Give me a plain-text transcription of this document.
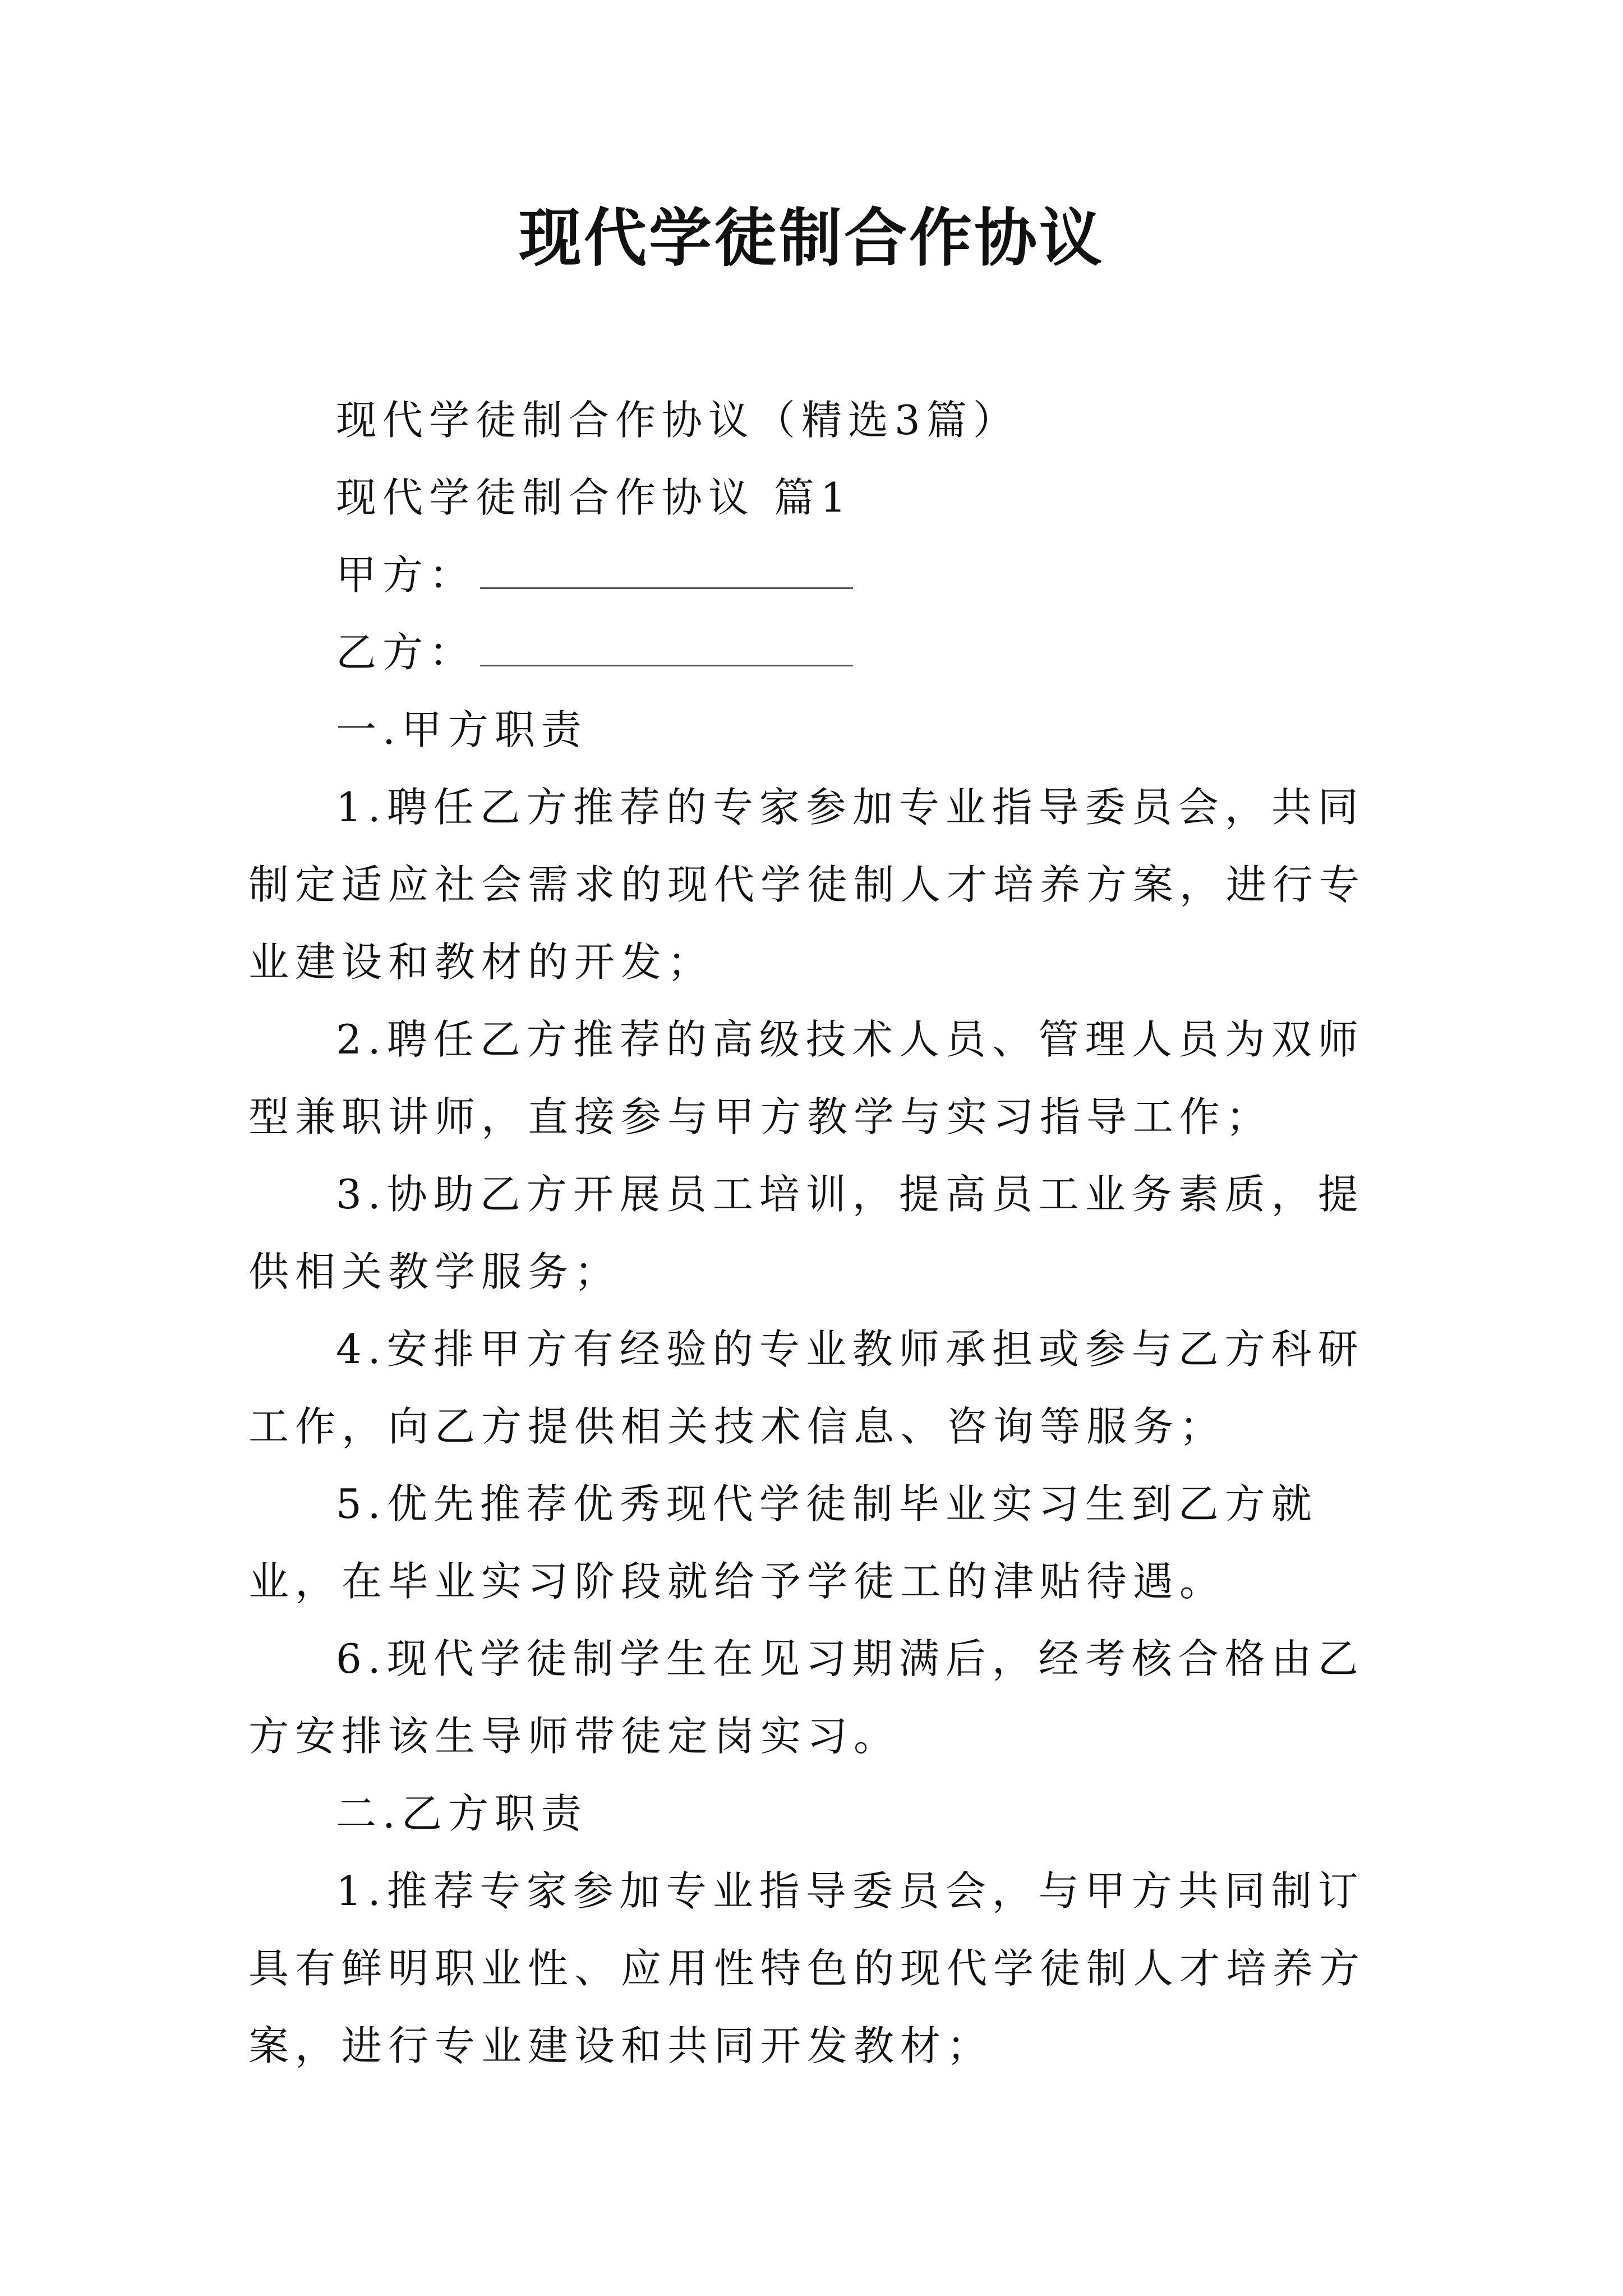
现代学徒制合作协议

现代学徒制合作协议（精选3篇）

现代学徒制合作协议 篇1

甲方：

乙方：

一.甲方职责

1.聘任乙方推荐的专家参加专业指导委员会，共同制定适应社会需求的现代学徒制人才培养方案，进行专业建设和教材的开发；

2.聘任乙方推荐的高级技术人员、管理人员为双师型兼职讲师，直接参与甲方教学与实习指导工作；

3.协助乙方开展员工培训，提高员工业务素质，提供相关教学服务；

4.安排甲方有经验的专业教师承担或参与乙方科研工作，向乙方提供相关技术信息、咨询等服务；

5.优先推荐优秀现代学徒制毕业实习生到乙方就业，在毕业实习阶段就给予学徒工的津贴待遇。

6.现代学徒制学生在见习期满后，经考核合格由乙方安排该生导师带徒定岗实习。

二.乙方职责

1.推荐专家参加专业指导委员会，与甲方共同制订具有鲜明职业性、应用性特色的现代学徒制人才培养方案，进行专业建设和共同开发教材；
